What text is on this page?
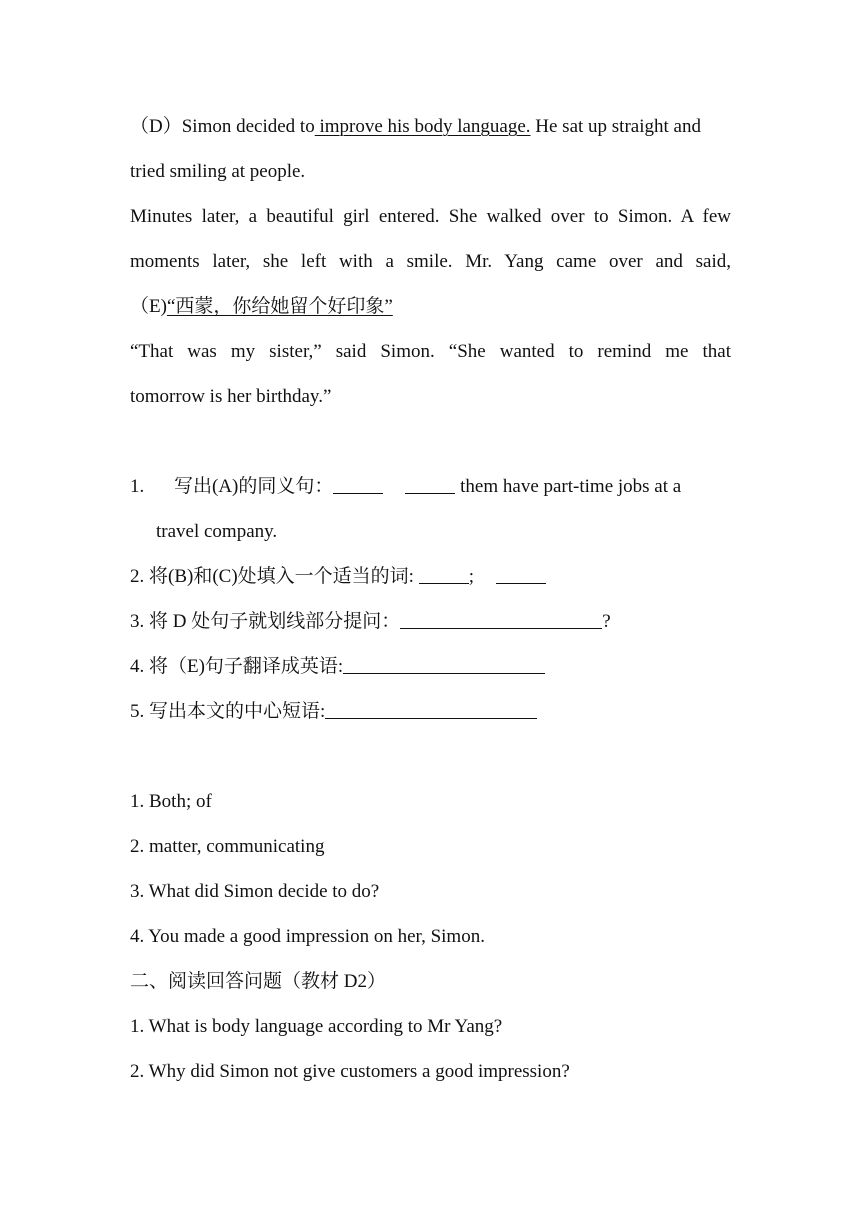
（D）Simon decided to improve his body language. He sat up straight and
tried smiling at people.
Minutes later, a beautiful girl entered. She walked over to Simon. A few
moments later, she left with a smile. Mr. Yang came over and said,
（E)“西蒙，你给她留个好印象”
“That was my sister,” said Simon. “She wanted to remind me that
tomorrow is her birthday.”
1. 写出(A)的同义句：	them have part-time jobs at a
travel company.
2. 将(B)和(C)处填入一个适当的词:	;
3. 将 D 处句子就划线部分提问：	?
4. 将（E)句子翻译成英语:
5. 写出本文的中心短语:
1. Both; of
2. matter, communicating
3. What did Simon decide to do?
4. You made a good impression on her, Simon.
二、阅读回答问题（教材 D2）
1. What is body language according to Mr Yang?
2. Why did Simon not give customers a good impression?
